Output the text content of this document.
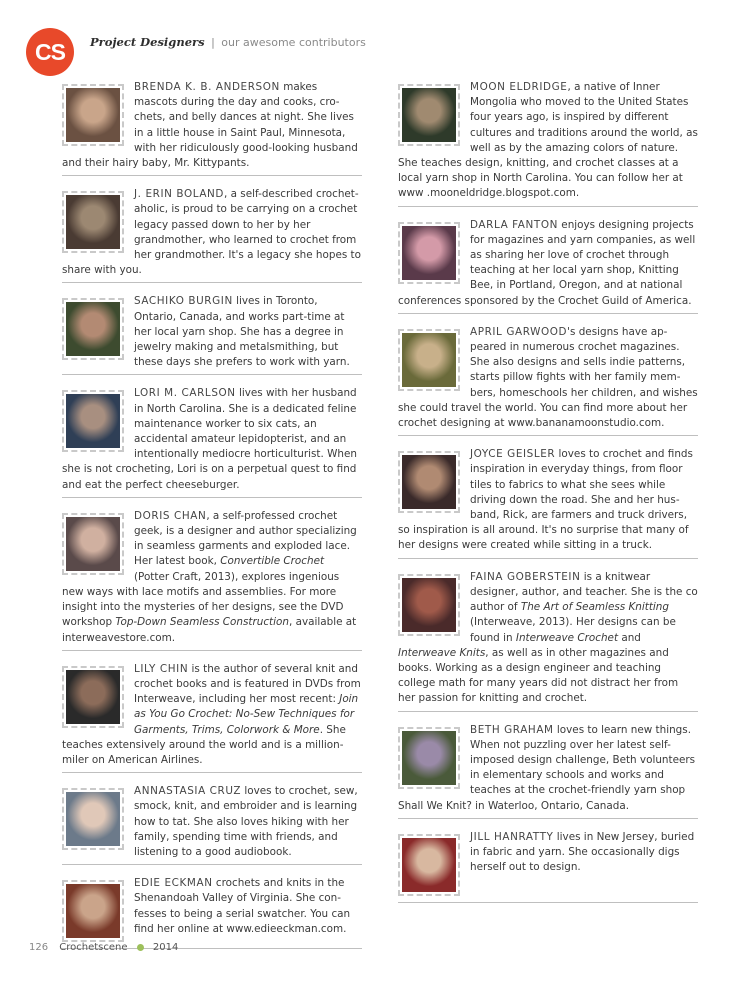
CS	Project Designers | our awesome contributors
BRENDA K. B. ANDERSON makes mascots during the day and cooks, crochets, and belly dances at night. She lives in a little house in Saint Paul, Minnesota, with her ridiculously good-looking husband and their hairy baby, Mr. Kittypants.
J. ERIN BOLAND, a self-described crochet-aholic, is proud to be carrying on a crochet legacy passed down to her by her grandmother, who learned to crochet from her grandmother. It's a legacy she hopes to share with you.
SACHIKO BURGIN lives in Toronto, Ontario, Canada, and works part-time at her local yarn shop. She has a degree in jewelry making and metalsmithing, but these days she prefers to work with yarn.
LORI M. CARLSON lives with her husband in North Carolina. She is a dedicated feline maintenance worker to six cats, an accidental amateur lepidopterist, and an intentionally mediocre horticulturist. When she is not crocheting, Lori is on a perpetual quest to find and eat the perfect cheeseburger.
DORIS CHAN, a self-professed crochet geek, is a designer and author specializing in seamless garments and exploded lace. Her latest book, Convertible Crochet (Potter Craft, 2013), explores ingenious new ways with lace motifs and assemblies. For more insight into the mysteries of her designs, see the DVD workshop Top-Down Seamless Construction, available at interweavestore.com.
LILY CHIN is the author of several knit and crochet books and is featured in DVDs from Interweave, including her most recent: Join as You Go Crochet: No-Sew Techniques for Garments, Trims, Colorwork & More. She teaches extensively around the world and is a millionmiler on American Airlines.
ANNASTASIA CRUZ loves to crochet, sew, smock, knit, and embroider and is learning how to tat. She also loves hiking with her family, spending time with friends, and listening to a good audiobook.
EDIE ECKMAN crochets and knits in the Shenandoah Valley of Virginia. She confesses to being a serial swatcher. You can find her online at www.edieeckman.com.
MOON ELDRIDGE, a native of Inner Mongolia who moved to the United States four years ago, is inspired by different cultures and traditions around the world, as well as by the amazing colors of nature. She teaches design, knitting, and crochet classes at a local yarn shop in North Carolina. You can follow her at www .mooneldridge.blogspot.com.
DARLA FANTON enjoys designing projects for magazines and yarn companies, as well as sharing her love of crochet through teaching at her local yarn shop, Knitting Bee, in Portland, Oregon, and at national conferences sponsored by the Crochet Guild of America.
APRIL GARWOOD's designs have appeared in numerous crochet magazines. She also designs and sells indie patterns, starts pillow fights with her family members, homeschools her children, and wishes she could travel the world. You can find more about her crochet designing at www.bananamoonstudio.com.
JOYCE GEISLER loves to crochet and finds inspiration in everyday things, from floor tiles to fabrics to what she sees while driving down the road. She and her husband, Rick, are farmers and truck drivers, so inspiration is all around. It's no surprise that many of her designs were created while sitting in a truck.
FAINA GOBERSTEIN is a knitwear designer, author, and teacher. She is the co author of The Art of Seamless Knitting (Interweave, 2013). Her designs can be found in Interweave Crochet and Interweave Knits, as well as in other magazines and books. Working as a design engineer and teaching college math for many years did not distract her from her passion for knitting and crochet.
BETH GRAHAM loves to learn new things. When not puzzling over her latest self-imposed design challenge, Beth volunteers in elementary schools and works and teaches at the crochet-friendly yarn shop Shall We Knit? in Waterloo, Ontario, Canada.
JILL HANRATTY lives in New Jersey, buried in fabric and yarn. She occasionally digs herself out to design.
126 Crochetscene	2014
